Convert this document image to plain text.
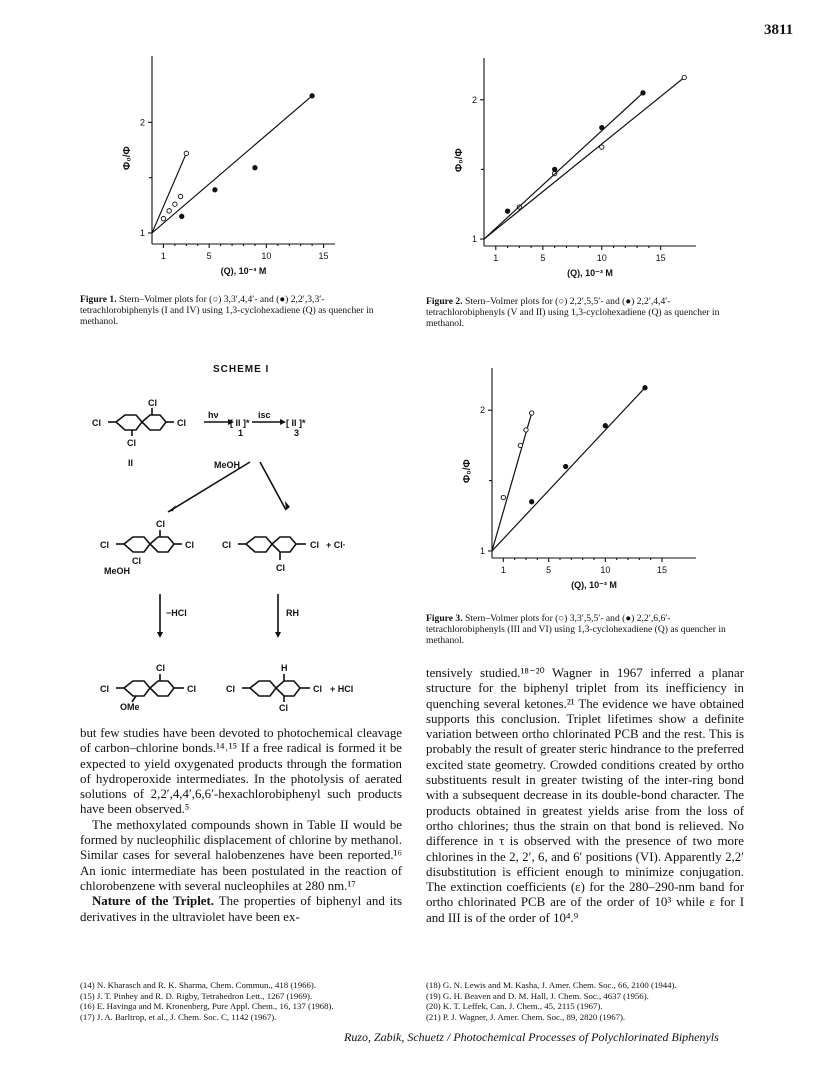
3811
1	5	10	15
1
2
(Q), 10⁻³ M
Φ₀/Φ
Figure 1. Stern–Volmer plots for (○) 3,3′,4,4′- and (●) 2,2′,3,3′-tetrachlorobiphenyls (I and IV) using 1,3-cyclohexadiene (Q) as quencher in methanol.
1	5	10	15
1
2
(Q), 10⁻³ M
Φ₀/Φ
Figure 2. Stern–Volmer plots for (○) 2,2′,5,5′- and (●) 2,2′,4,4′-tetrachlorobiphenyls (V and II) using 1,3-cyclohexadiene (Q) as quencher in methanol.
1	5	10	15
1
2
(Q), 10⁻³ M
Φ₀/Φ
Figure 3. Stern–Volmer plots for (○) 3,3′,5,5′- and (●) 2,2′,6,6′-tetrachlorobiphenyls (III and VI) using 1,3-cyclohexadiene (Q) as quencher in methanol.
SCHEME I
Cl
Cl	Cl
Cl
II
hν
[ II ]*
1
isc
[ II ]*
3
MeOH
Cl
Cl	Cl
Cl
MeOH
Cl	Cl + Cl·
Cl
−HCl	RH
Cl
Cl	Cl
OMe
H
Cl	Cl + HCl
Cl

but few studies have been devoted to photochemical cleavage of carbon–chlorine bonds.¹⁴˒¹⁵ If a free radical is formed it be expected to yield oxygenated products through the formation of hydroperoxide intermediates. In the photolysis of aerated solutions of 2,2′,4,4′,6,6′-hexachlorobiphenyl such products have been observed.⁵

The methoxylated compounds shown in Table II would be formed by nucleophilic displacement of chlorine by methanol. Similar cases for several halobenzenes have been reported.¹⁶ An ionic intermediate has been postulated in the reaction of chlorobenzene with several nucleophiles at 280 nm.¹⁷

Nature of the Triplet. The properties of biphenyl and its derivatives in the ultraviolet have been ex-

tensively studied.¹⁸⁻²⁰ Wagner in 1967 inferred a planar structure for the biphenyl triplet from its inefficiency in quenching several ketones.²¹ The evidence we have obtained supports this conclusion. Triplet lifetimes show a definite variation between ortho chlorinated PCB and the rest. This is probably the result of greater steric hindrance to the preferred excited state geometry. Crowded conditions created by ortho substituents result in greater twisting of the inter-ring bond with a subsequent decrease in its double-bond character. The products obtained in greatest yields arise from the loss of ortho chlorines; thus the strain on that bond is relieved. No difference in τ is observed with the presence of two more chlorines in the 2, 2′, 6, and 6′ positions (VI). Apparently 2,2′ disubstitution is efficient enough to minimize conjugation. The extinction coefficients (ε) for the 280–290-nm band for ortho chlorinated PCB are of the order of 10³ while ε for I and III is of the order of 10⁴.⁹

(14) N. Kharasch and R. K. Sharma, Chem. Commun., 418 (1966).
(15) J. T. Pinhey and R. D. Rigby, Tetrahedron Lett., 1267 (1969).
(16) E. Havinga and M. Kronenberg, Pure Appl. Chem., 16, 137 (1968).
(17) J. A. Barltrop, et al., J. Chem. Soc. C, 1142 (1967).
(18) G. N. Lewis and M. Kasha, J. Amer. Chem. Soc., 66, 2100 (1944).
(19) G. H. Beaven and D. M. Hall, J. Chem. Soc., 4637 (1956).
(20) K. T. Leffek, Can. J. Chem., 45, 2115 (1967).
(21) P. J. Wagner, J. Amer. Chem. Soc., 89, 2820 (1967).
Ruzo, Zabik, Schuetz / Photochemical Processes of Polychlorinated Biphenyls
